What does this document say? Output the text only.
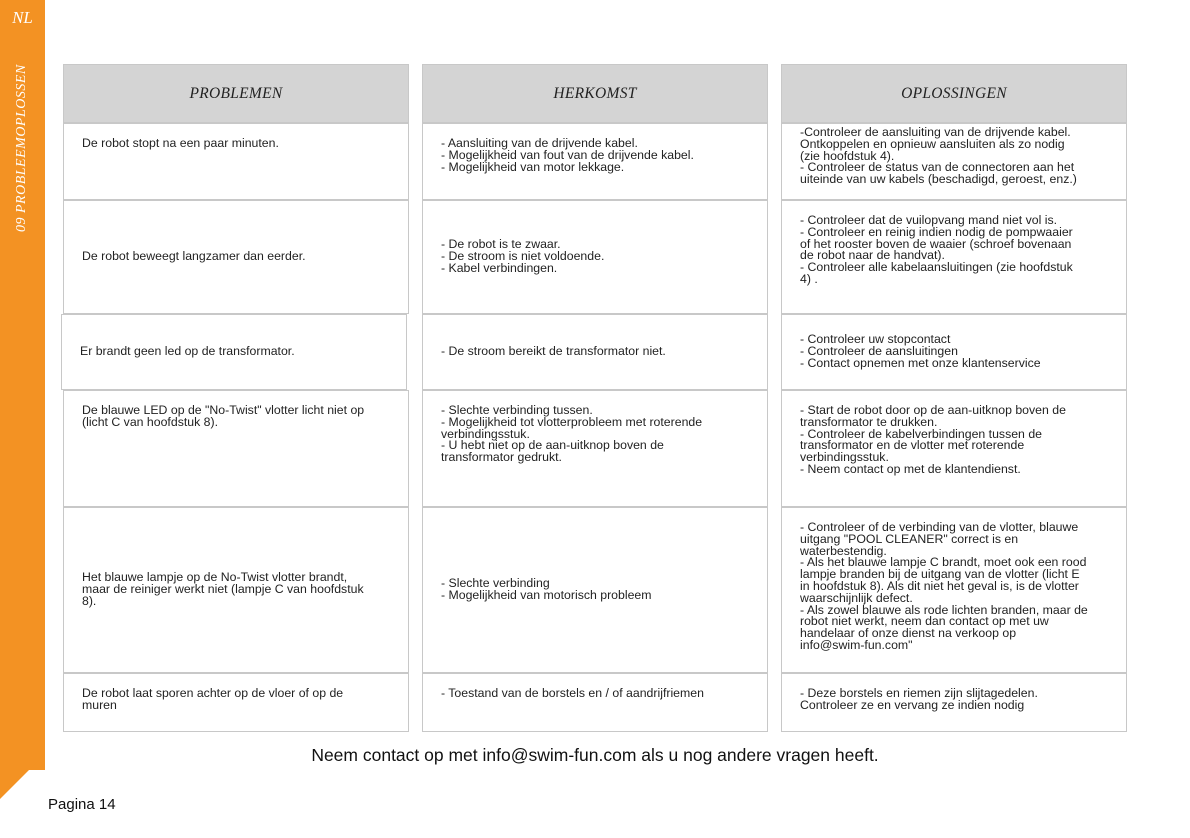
NL
09 PROBLEEMOPLOSSEN	PROBLEMEN
De robot stopt na een paar minuten.
De robot beweegt langzamer dan eerder.
Er brandt geen led op de transformator.
De blauwe LED op de "No-Twist" vlotter licht niet op
(licht C van hoofdstuk 8).
Het blauwe lampje op de No-Twist vlotter brandt,
maar de reiniger werkt niet (lampje C van hoofdstuk
8).
De robot laat sporen achter op de vloer of op de
muren
HERKOMST
- Aansluiting van de drijvende kabel.
- Mogelijkheid van fout van de drijvende kabel.
- Mogelijkheid van motor lekkage.
- De robot is te zwaar.
- De stroom is niet voldoende.
- Kabel verbindingen.
- De stroom bereikt de transformator niet.
- Slechte verbinding tussen.
- Mogelijkheid tot vlotterprobleem met roterende
verbindingsstuk.
- U hebt niet op de aan-uitknop boven de
transformator gedrukt.
- Slechte verbinding
- Mogelijkheid van motorisch probleem
- Toestand van de borstels en / of aandrijfriemen
OPLOSSINGEN
-Controleer de aansluiting van de drijvende kabel.
Ontkoppelen en opnieuw aansluiten als zo nodig
(zie hoofdstuk 4).
- Controleer de status van de connectoren aan het
uiteinde van uw kabels (beschadigd, geroest, enz.)
- Controleer dat de vuilopvang mand niet vol is.
- Controleer en reinig indien nodig de pompwaaier
of het rooster boven de waaier (schroef bovenaan
de robot naar de handvat).
- Controleer alle kabelaansluitingen (zie hoofdstuk
4) .
- Controleer uw stopcontact
- Controleer de aansluitingen
- Contact opnemen met onze klantenservice
- Start de robot door op de aan-uitknop boven de
transformator te drukken.
- Controleer de kabelverbindingen tussen de
transformator en de vlotter met roterende
verbindingsstuk.
- Neem contact op met de klantendienst.
- Controleer of de verbinding van de vlotter, blauwe
uitgang "POOL CLEANER" correct is en
waterbestendig.
- Als het blauwe lampje C brandt, moet ook een rood
lampje branden bij de uitgang van de vlotter (licht E
in hoofdstuk 8). Als dit niet het geval is, is de vlotter
waarschijnlijk defect.
- Als zowel blauwe als rode lichten branden, maar de
robot niet werkt, neem dan contact op met uw
handelaar of onze dienst na verkoop op
info@swim-fun.com"
- Deze borstels en riemen zijn slijtagedelen.
Controleer ze en vervang ze indien nodig
Neem contact op met info@swim-fun.com als u nog andere vragen heeft.
Pagina 14
